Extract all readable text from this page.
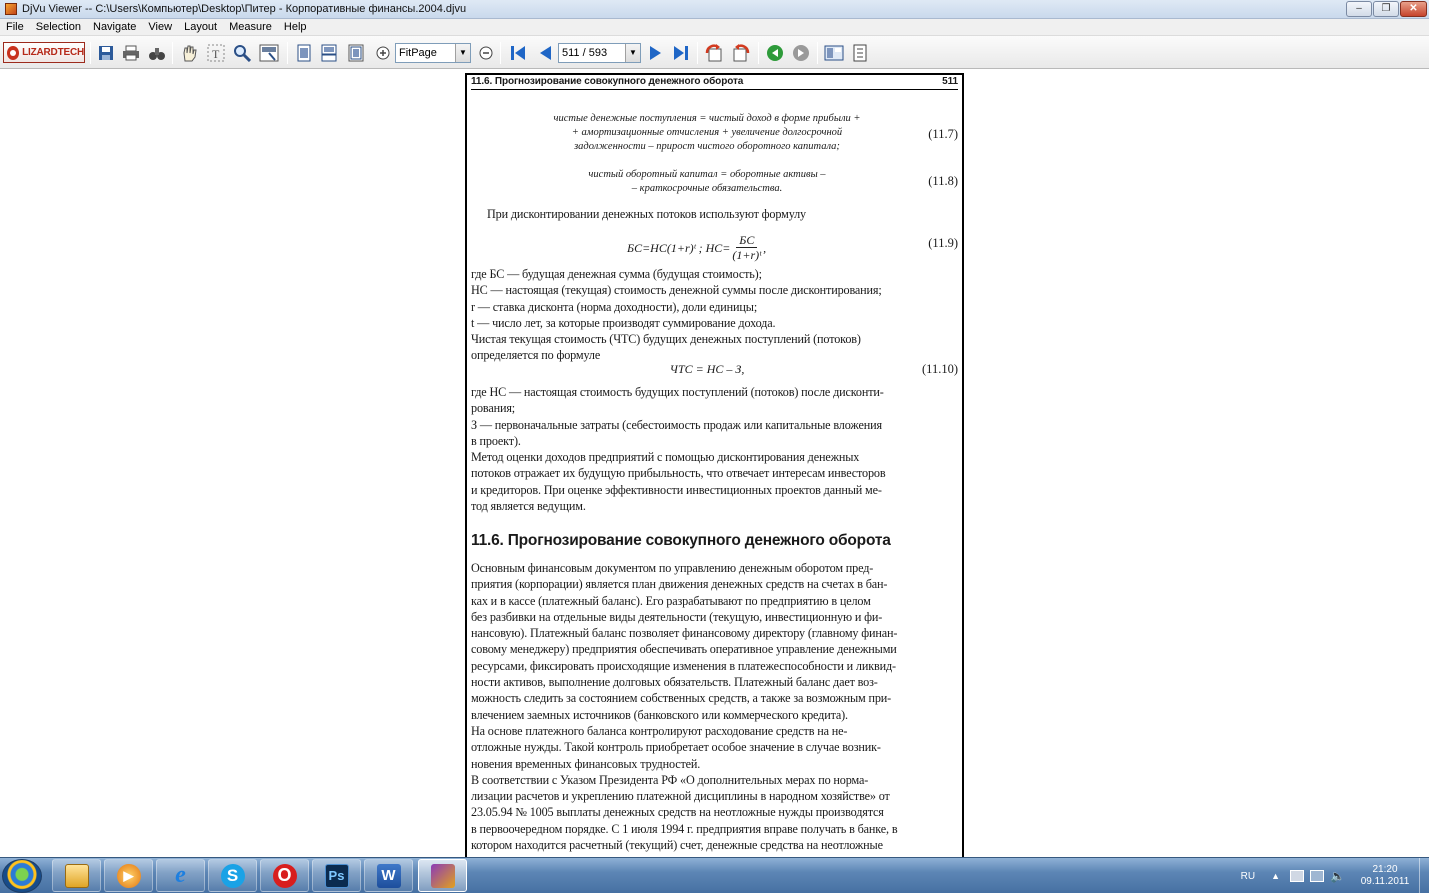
DjVu Viewer -- C:\Users\Компьютер\Desktop\Питер - Корпоративные финансы.2004.djvu	–	❐	✕
File	Selection	Navigate	View	Layout	Measure	Help
LIZARDTECH	T	FitPage	▼	511 / 593	▼
11.6. Прогнозирование совокупного денежного оборота	511
чистые денежные поступления = чистый доход в форме прибыли +
+ амортизационные отчисления + увеличение долгосрочной
задолженности – прирост чистого оборотного капитала;
(11.7)
чистый оборотный капитал = оборотные активы –
– краткосрочные обязательства.
(11.8)
При дисконтировании денежных потоков используют формулу
БС=НС(1+r)ᵗ ; НС=
БС
(1+r)ᵗ
,	(11.9)
где БС — будущая денежная сумма (будущая стоимость);
НС — настоящая (текущая) стоимость денежной суммы после дисконтирования;
r — ставка дисконта (норма доходности), доли единицы;
t — число лет, за которые производят суммирование дохода.
Чистая текущая стоимость (ЧТС) будущих денежных поступлений (потоков)
определяется по формуле
ЧТС = НС – З,	(11.10)
где НС — настоящая стоимость будущих поступлений (потоков) после дисконти-
рования;
З — первоначальные затраты (себестоимость продаж или капитальные вложения
в проект).
Метод оценки доходов предприятий с помощью дисконтирования денежных
потоков отражает их будущую прибыльность, что отвечает интересам инвесторов
и кредиторов. При оценке эффективности инвестиционных проектов данный ме-
тод является ведущим.
11.6. Прогнозирование совокупного денежного оборота
Основным финансовым документом по управлению денежным оборотом пред-
приятия (корпорации) является план движения денежных средств на счетах в бан-
ках и в кассе (платежный баланс). Его разрабатывают по предприятию в целом
без разбивки на отдельные виды деятельности (текущую, инвестиционную и фи-
нансовую). Платежный баланс позволяет финансовому директору (главному финан-
совому менеджеру) предприятия обеспечивать оперативное управление денежными
ресурсами, фиксировать происходящие изменения в платежеспособности и ликвид-
ности активов, выполнение долговых обязательств. Платежный баланс дает воз-
можность следить за состоянием собственных средств, а также за возможным при-
влечением заемных источников (банковского или коммерческого кредита).
На основе платежного баланса контролируют расходование средств на не-
отложные нужды. Такой контроль приобретает особое значение в случае возник-
новения временных финансовых трудностей.
В соответствии с Указом Президента РФ «О дополнительных мерах по норма-
лизации расчетов и укреплению платежной дисциплины в народном хозяйстве» от
23.05.94 № 1005 выплаты денежных средств на неотложные нужды производятся
в первоочередном порядке. С 1 июля 1994 г. предприятия вправе получать в банке, в
котором находится расчетный (текущий) счет, денежные средства на неотложные
▶ e	S	O	Ps	W	RU ▲	🔈	21:20
09.11.2011
